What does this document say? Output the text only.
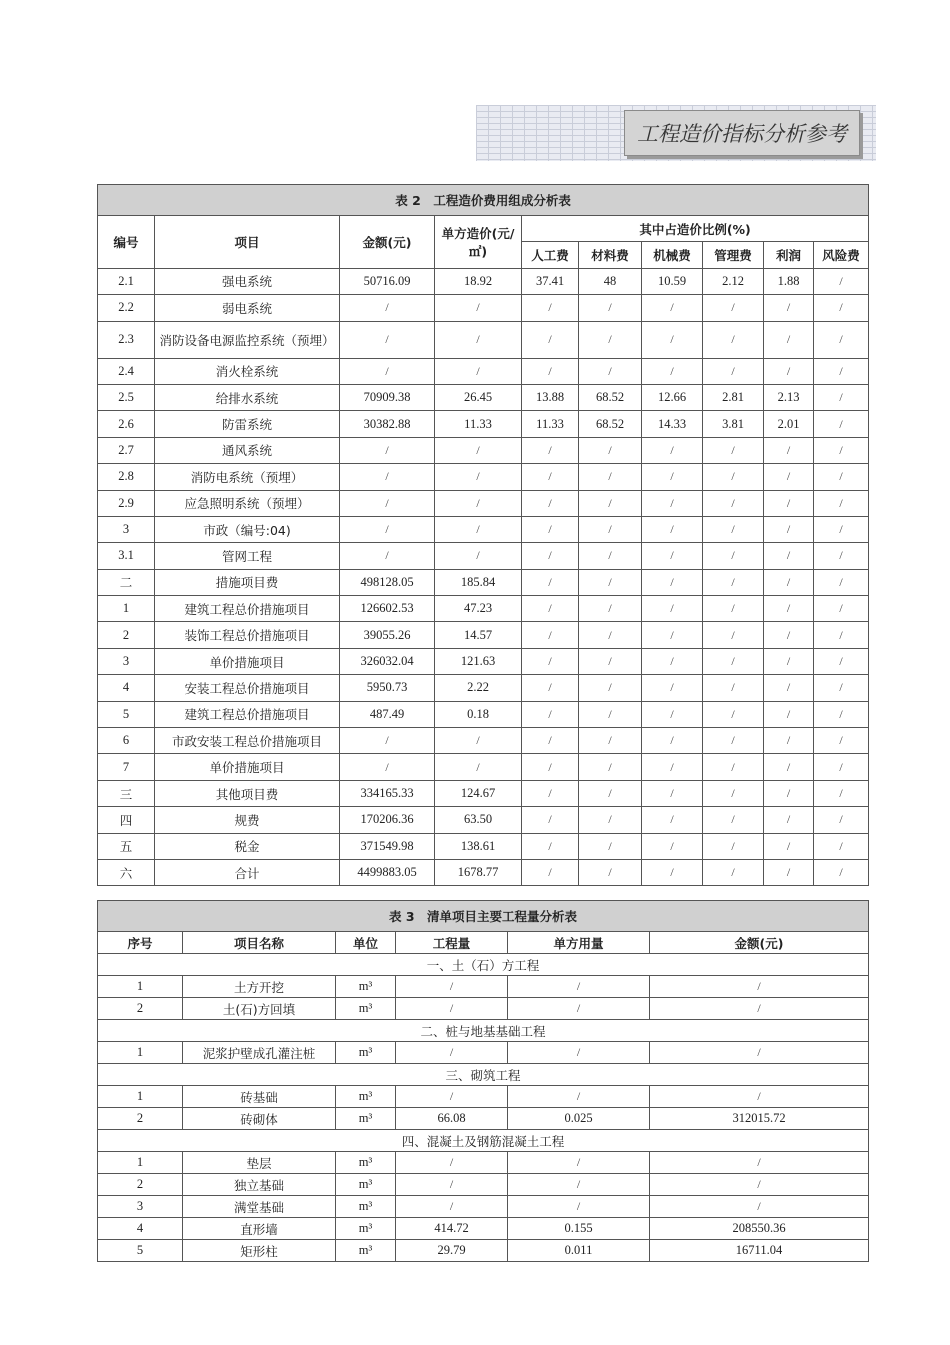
工程造价指标分析参考
表 2　工程造价费用组成分析表									
编号	项目	金额(元)	单方造价(元/㎡)	其中占造价比例(%)					
				人工费	材料费	机械费	管理费	利润	风险费
2.1	强电系统	50716.09	18.92	37.41	48	10.59	2.12	1.88	/
2.2	弱电系统	/	/	/	/	/	/	/	/
2.3	消防设备电源监控系统（预埋）	/	/	/	/	/	/	/	/
2.4	消火栓系统	/	/	/	/	/	/	/	/
2.5	给排水系统	70909.38	26.45	13.88	68.52	12.66	2.81	2.13	/
2.6	防雷系统	30382.88	11.33	11.33	68.52	14.33	3.81	2.01	/
2.7	通风系统	/	/	/	/	/	/	/	/
2.8	消防电系统（预埋）	/	/	/	/	/	/	/	/
2.9	应急照明系统（预埋）	/	/	/	/	/	/	/	/
3	市政（编号:04)	/	/	/	/	/	/	/	/
3.1	管网工程	/	/	/	/	/	/	/	/
二	措施项目费	498128.05	185.84	/	/	/	/	/	/
1	建筑工程总价措施项目	126602.53	47.23	/	/	/	/	/	/
2	装饰工程总价措施项目	39055.26	14.57	/	/	/	/	/	/
3	单价措施项目	326032.04	121.63	/	/	/	/	/	/
4	安装工程总价措施项目	5950.73	2.22	/	/	/	/	/	/
5	建筑工程总价措施项目	487.49	0.18	/	/	/	/	/	/
6	市政安装工程总价措施项目	/	/	/	/	/	/	/	/
7	单价措施项目	/	/	/	/	/	/	/	/
三	其他项目费	334165.33	124.67	/	/	/	/	/	/
四	规费	170206.36	63.50	/	/	/	/	/	/
五	税金	371549.98	138.61	/	/	/	/	/	/
六	合计	4499883.05	1678.77	/	/	/	/	/	/
表 3　清单项目主要工程量分析表					
序号	项目名称	单位	工程量	单方用量	金额(元)
一、土（石）方工程					
1	土方开挖	m³	/	/	/
2	土(石)方回填	m³	/	/	/
二、桩与地基基础工程					
1	泥浆护壁成孔灌注桩	m³	/	/	/
三、砌筑工程					
1	砖基础	m³	/	/	/
2	砖砌体	m³	66.08	0.025	312015.72
四、混凝土及钢筋混凝土工程					
1	垫层	m³	/	/	/
2	独立基础	m³	/	/	/
3	满堂基础	m³	/	/	/
4	直形墙	m³	414.72	0.155	208550.36
5	矩形柱	m³	29.79	0.011	16711.04
